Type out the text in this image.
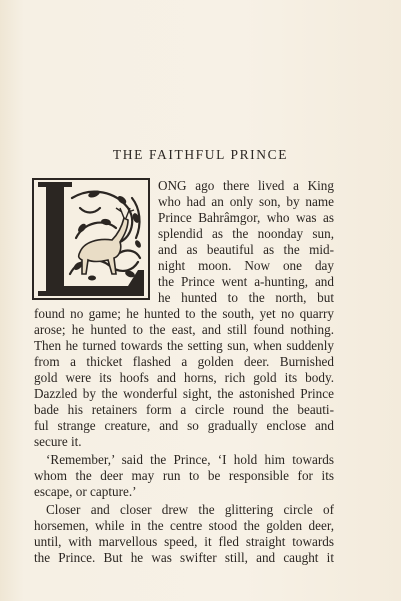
THE FAITHFUL PRINCE
ONG ago there lived a King
who had an only son, by name
Prince Bahrâmgor, who was as
splendid as the noonday sun,
and as beautiful as the mid-
night moon. Now one day
the Prince went a-hunting, and
he hunted to the north, but
found no game; he hunted to the south, yet no quarry
arose; he hunted to the east, and still found nothing.
Then he turned towards the setting sun, when suddenly
from a thicket flashed a golden deer. Burnished
gold were its hoofs and horns, rich gold its body.
Dazzled by the wonderful sight, the astonished Prince
bade his retainers form a circle round the beauti-
ful strange creature, and so gradually enclose and
secure it.
‘Remember,’ said the Prince, ‘I hold him towards
whom the deer may run to be responsible for its
escape, or capture.’
Closer and closer drew the glittering circle of
horsemen, while in the centre stood the golden deer,
until, with marvellous speed, it fled straight towards
the Prince. But he was swifter still, and caught it
